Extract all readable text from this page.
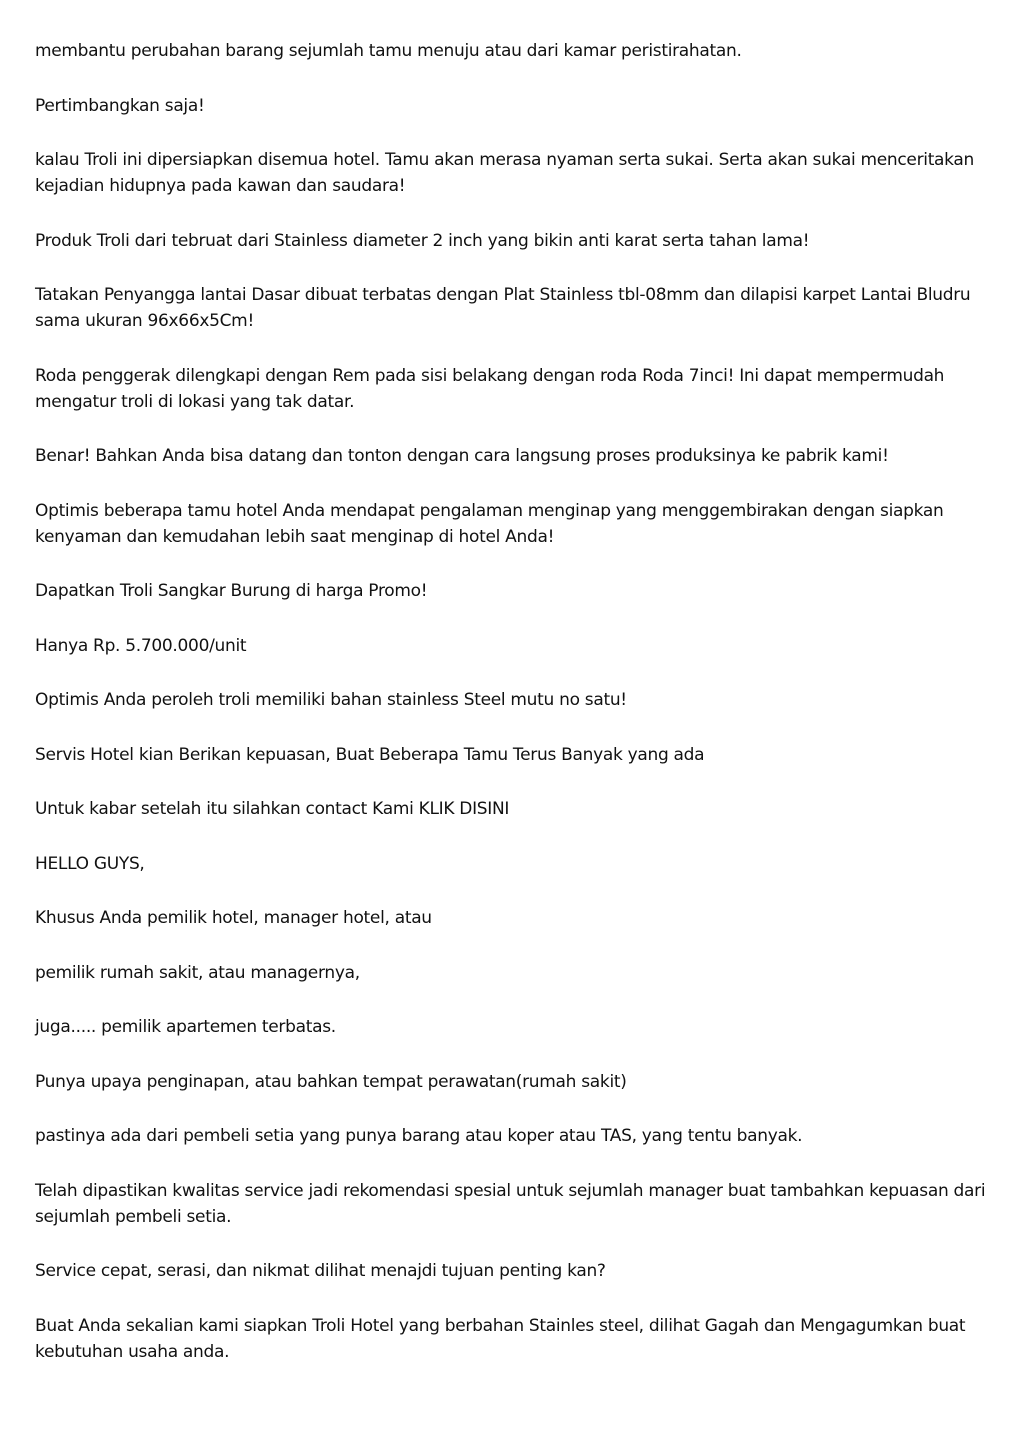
membantu perubahan barang sejumlah tamu menuju atau dari kamar peristirahatan.

Pertimbangkan saja!

kalau Troli ini dipersiapkan disemua hotel. Tamu akan merasa nyaman serta sukai. Serta akan sukai menceritakan kejadian hidupnya pada kawan dan saudara!

Produk Troli dari tebruat dari Stainless diameter 2 inch yang bikin anti karat serta tahan lama!

Tatakan Penyangga lantai Dasar dibuat terbatas dengan Plat Stainless tbl-08mm dan dilapisi karpet Lantai Bludru sama ukuran 96x66x5Cm!

Roda penggerak dilengkapi dengan Rem pada sisi belakang dengan roda Roda 7inci! Ini dapat mempermudah mengatur troli di lokasi yang tak datar.

Benar! Bahkan Anda bisa datang dan tonton dengan cara langsung proses produksinya ke pabrik kami!

Optimis beberapa tamu hotel Anda mendapat pengalaman menginap yang menggembirakan dengan siapkan kenyaman dan kemudahan lebih saat menginap di hotel Anda!

Dapatkan Troli Sangkar Burung di harga Promo!

Hanya Rp. 5.700.000/unit

Optimis Anda peroleh troli memiliki bahan stainless Steel mutu no satu!

Servis Hotel kian Berikan kepuasan, Buat Beberapa Tamu Terus Banyak yang ada

Untuk kabar setelah itu silahkan contact Kami KLIK DISINI

HELLO GUYS,

Khusus Anda pemilik hotel, manager hotel, atau

pemilik rumah sakit, atau managernya,

juga..... pemilik apartemen terbatas.

Punya upaya penginapan, atau bahkan tempat perawatan(rumah sakit)

pastinya ada dari pembeli setia yang punya barang atau koper atau TAS, yang tentu banyak.

Telah dipastikan kwalitas service jadi rekomendasi spesial untuk sejumlah manager buat tambahkan kepuasan dari sejumlah pembeli setia.

Service cepat, serasi, dan nikmat dilihat menajdi tujuan penting kan?

Buat Anda sekalian kami siapkan Troli Hotel yang berbahan Stainles steel, dilihat Gagah dan Mengagumkan buat kebutuhan usaha anda.
